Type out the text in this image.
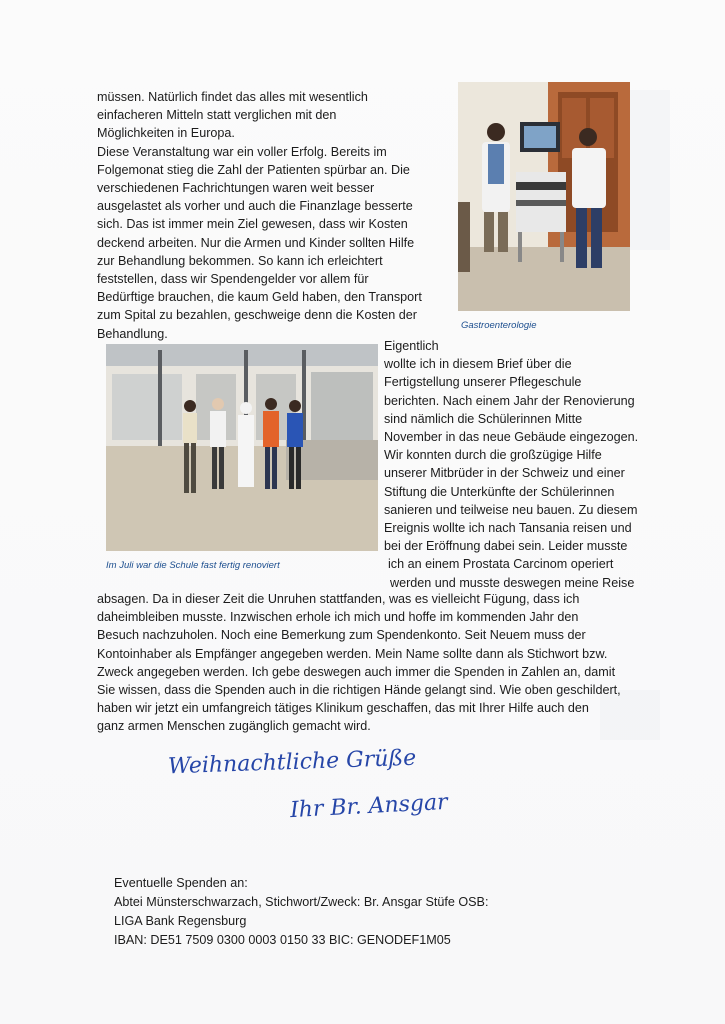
müssen. Natürlich findet das alles mit wesentlich
einfacheren Mitteln statt verglichen mit den
Möglichkeiten in Europa.
Diese Veranstaltung war ein voller Erfolg. Bereits im
Folgemonat stieg die Zahl der Patienten spürbar an. Die
verschiedenen Fachrichtungen waren weit besser
ausgelastet als vorher und auch die Finanzlage besserte
sich. Das ist immer mein Ziel gewesen, dass wir Kosten
deckend arbeiten. Nur die Armen und Kinder sollten Hilfe
zur Behandlung bekommen. So kann ich erleichtert
feststellen, dass wir Spendengelder vor allem für
Bedürftige brauchen, die kaum Geld haben, den Transport
zum Spital zu bezahlen, geschweige denn die Kosten der
Behandlung.
Gastroenterologie
Im Juli war die Schule fast fertig renoviert
Eigentlich
wollte ich in diesem Brief über die
Fertigstellung unserer Pflegeschule
berichten. Nach einem Jahr der Renovierung
sind nämlich die Schülerinnen Mitte
November in das neue Gebäude eingezogen.
Wir konnten durch die großzügige Hilfe
unserer Mitbrüder in der Schweiz und einer
Stiftung die Unterkünfte der Schülerinnen
sanieren und teilweise neu bauen. Zu diesem
Ereignis wollte ich nach Tansania reisen und
bei der Eröffnung dabei sein. Leider musste
ich an einem Prostata Carcinom operiert
werden und musste deswegen meine Reise
absagen. Da in dieser Zeit die Unruhen stattfanden, was es vielleicht Fügung, dass ich
daheimbleiben musste. Inzwischen erhole ich mich und hoffe im kommenden Jahr den
Besuch nachzuholen. Noch eine Bemerkung zum Spendenkonto. Seit Neuem muss der
Kontoinhaber als Empfänger angegeben werden. Mein Name sollte dann als Stichwort bzw.
Zweck angegeben werden. Ich gebe deswegen auch immer die Spenden in Zahlen an, damit
Sie wissen, dass die Spenden auch in die richtigen Hände gelangt sind. Wie oben geschildert,
haben wir jetzt ein umfangreich tätiges Klinikum geschaffen, das mit Ihrer Hilfe auch den
ganz armen Menschen zugänglich gemacht wird.
Weihnachtliche Grüße
Ihr Br. Ansgar
Eventuelle Spenden an:
Abtei Münsterschwarzach, Stichwort/Zweck: Br. Ansgar Stüfe OSB:
LIGA Bank Regensburg
IBAN: DE51 7509 0300 0003 0150 33 BIC: GENODEF1M05
